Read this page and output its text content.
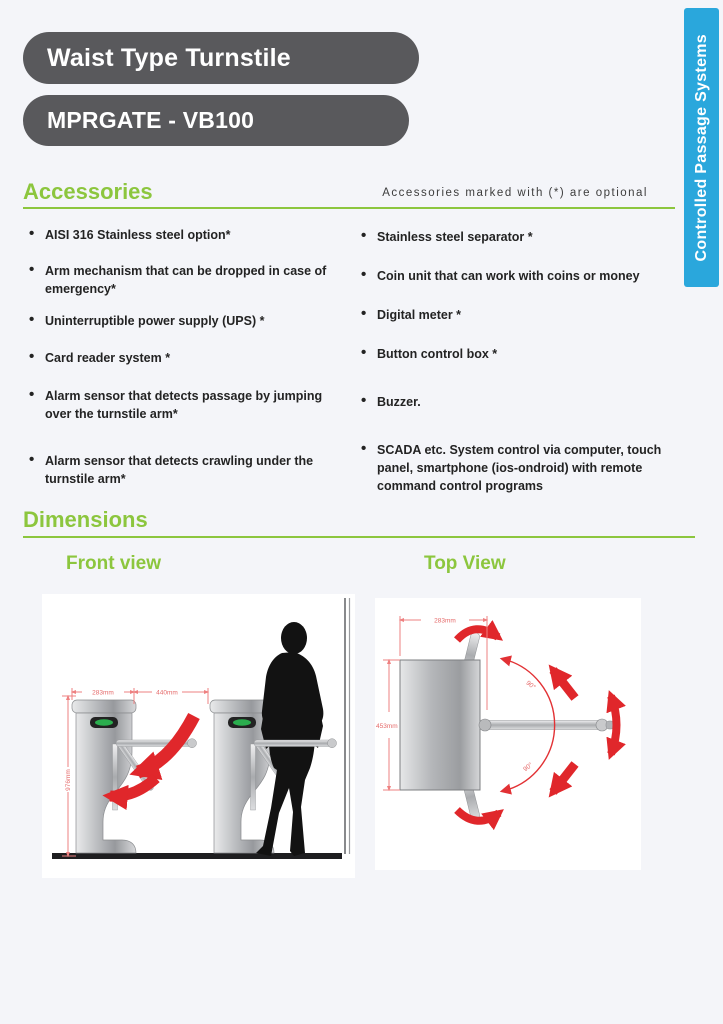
Waist Type Turnstile
MPRGATE - VB100	Controlled Passage Systems
Accessories	Accessories marked with (*) are optional
• AISI 316 Stainless steel option*
• Arm mechanism that can be dropped in case of emergency*
• Uninterruptible power supply (UPS) *
• Card reader system *
• Alarm sensor that detects passage by jumping over the turnstile arm*
• Alarm sensor that detects crawling under the turnstile arm*
• Stainless steel separator *
• Coin unit that can work with coins or money
• Digital meter *
• Button control box *
• Buzzer.
• SCADA etc. System control via computer, touch panel, smartphone (ios-ondroid) with remote command control programs
Dimensions
Front view	Top View
283mm	440mm
976mm
90°
90°
283mm
453mm
